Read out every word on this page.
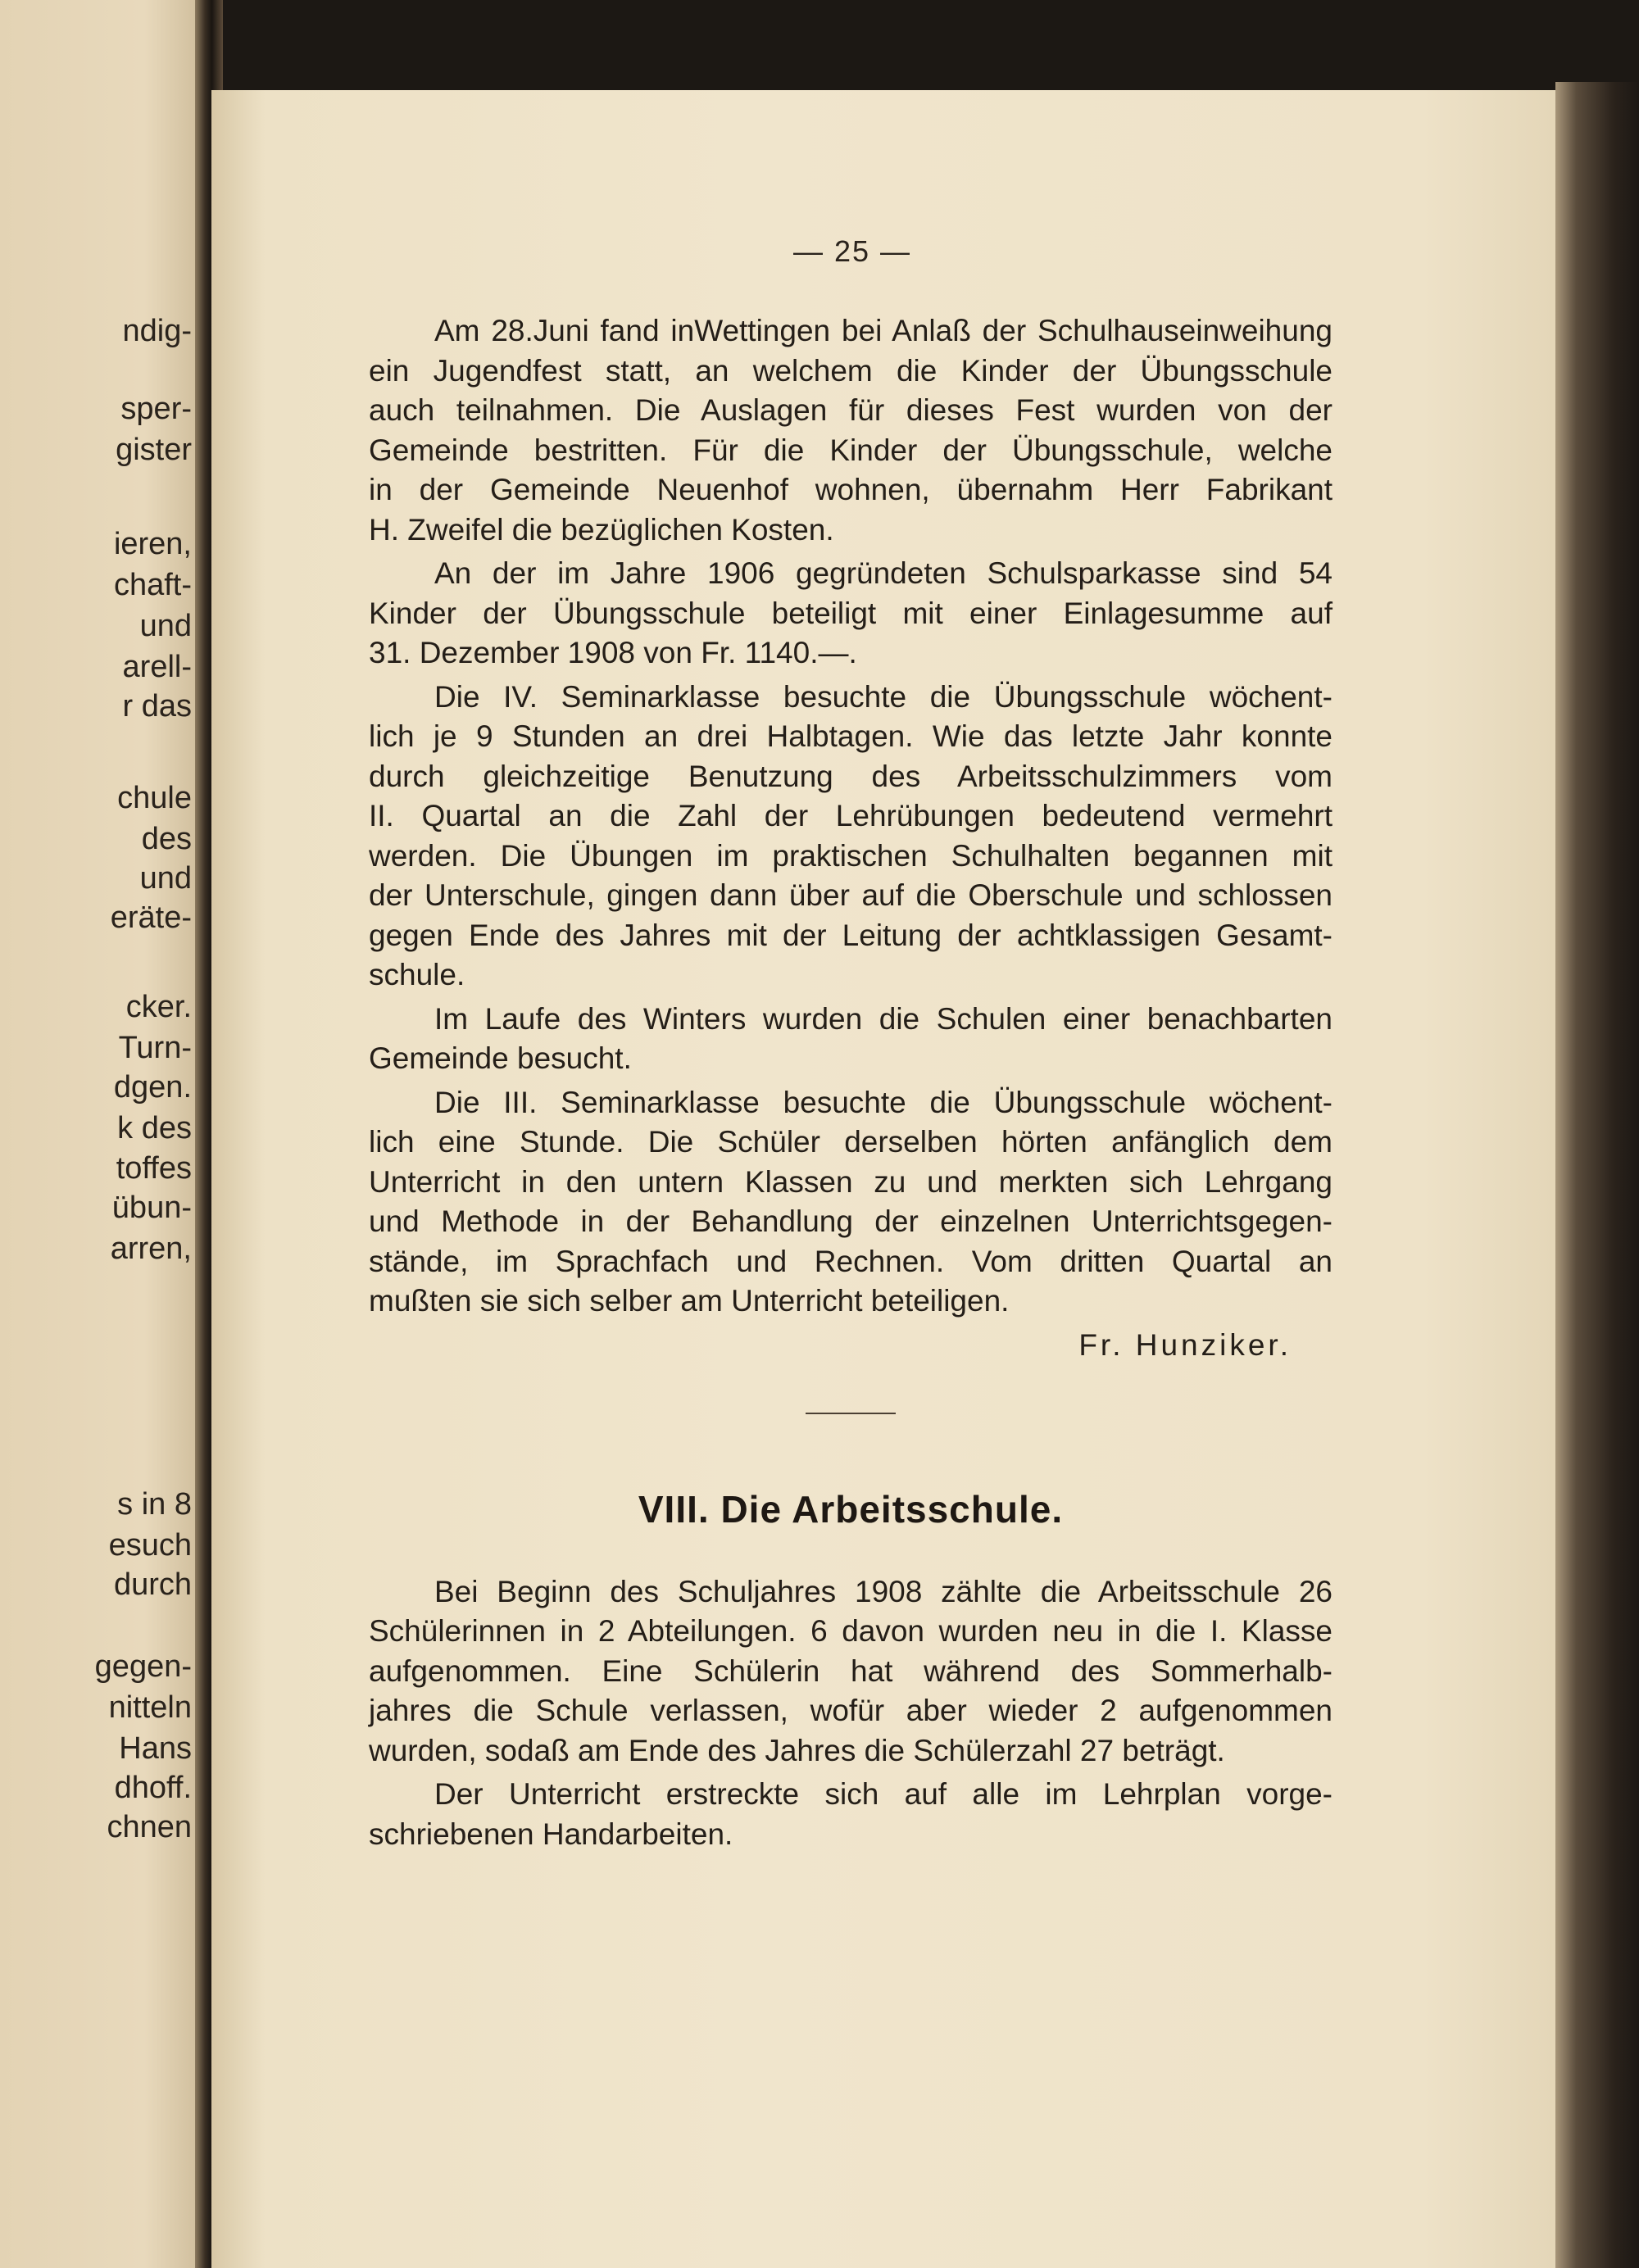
ndig-
sper-
gister
ieren,
chaft-
und
arell-
r das
chule
des
und
eräte-
cker.
Turn-
dgen.
k des
toffes
übun-
arren,
s in 8
esuch
durch
gegen-
nitteln
Hans
dhoff.
chnen
— 25 —
Am 28.Juni fand inWettingen bei Anlaß der Schulhauseinweihung
ein Jugendfest statt, an welchem die Kinder der Übungsschule
auch teilnahmen. Die Auslagen für dieses Fest wurden von der
Gemeinde bestritten. Für die Kinder der Übungsschule, welche
in der Gemeinde Neuenhof wohnen, übernahm Herr Fabrikant
H. Zweifel die bezüglichen Kosten.
An der im Jahre 1906 gegründeten Schulsparkasse sind 54
Kinder der Übungsschule beteiligt mit einer Einlagesumme auf
31. Dezember 1908 von Fr. 1140.—.
Die IV. Seminarklasse besuchte die Übungsschule wöchent-
lich je 9 Stunden an drei Halbtagen. Wie das letzte Jahr konnte
durch gleichzeitige Benutzung des Arbeitsschulzimmers vom
II. Quartal an die Zahl der Lehrübungen bedeutend vermehrt
werden. Die Übungen im praktischen Schulhalten begannen mit
der Unterschule, gingen dann über auf die Oberschule und schlossen
gegen Ende des Jahres mit der Leitung der achtklassigen Gesamt-
schule.
Im Laufe des Winters wurden die Schulen einer benachbarten
Gemeinde besucht.
Die III. Seminarklasse besuchte die Übungsschule wöchent-
lich eine Stunde. Die Schüler derselben hörten anfänglich dem
Unterricht in den untern Klassen zu und merkten sich Lehrgang
und Methode in der Behandlung der einzelnen Unterrichtsgegen-
stände, im Sprachfach und Rechnen. Vom dritten Quartal an
mußten sie sich selber am Unterricht beteiligen.
Fr. Hunziker.
VIII. Die Arbeitsschule.
Bei Beginn des Schuljahres 1908 zählte die Arbeitsschule 26
Schülerinnen in 2 Abteilungen. 6 davon wurden neu in die I. Klasse
aufgenommen. Eine Schülerin hat während des Sommerhalb-
jahres die Schule verlassen, wofür aber wieder 2 aufgenommen
wurden, sodaß am Ende des Jahres die Schülerzahl 27 beträgt.
Der Unterricht erstreckte sich auf alle im Lehrplan vorge-
schriebenen Handarbeiten.
